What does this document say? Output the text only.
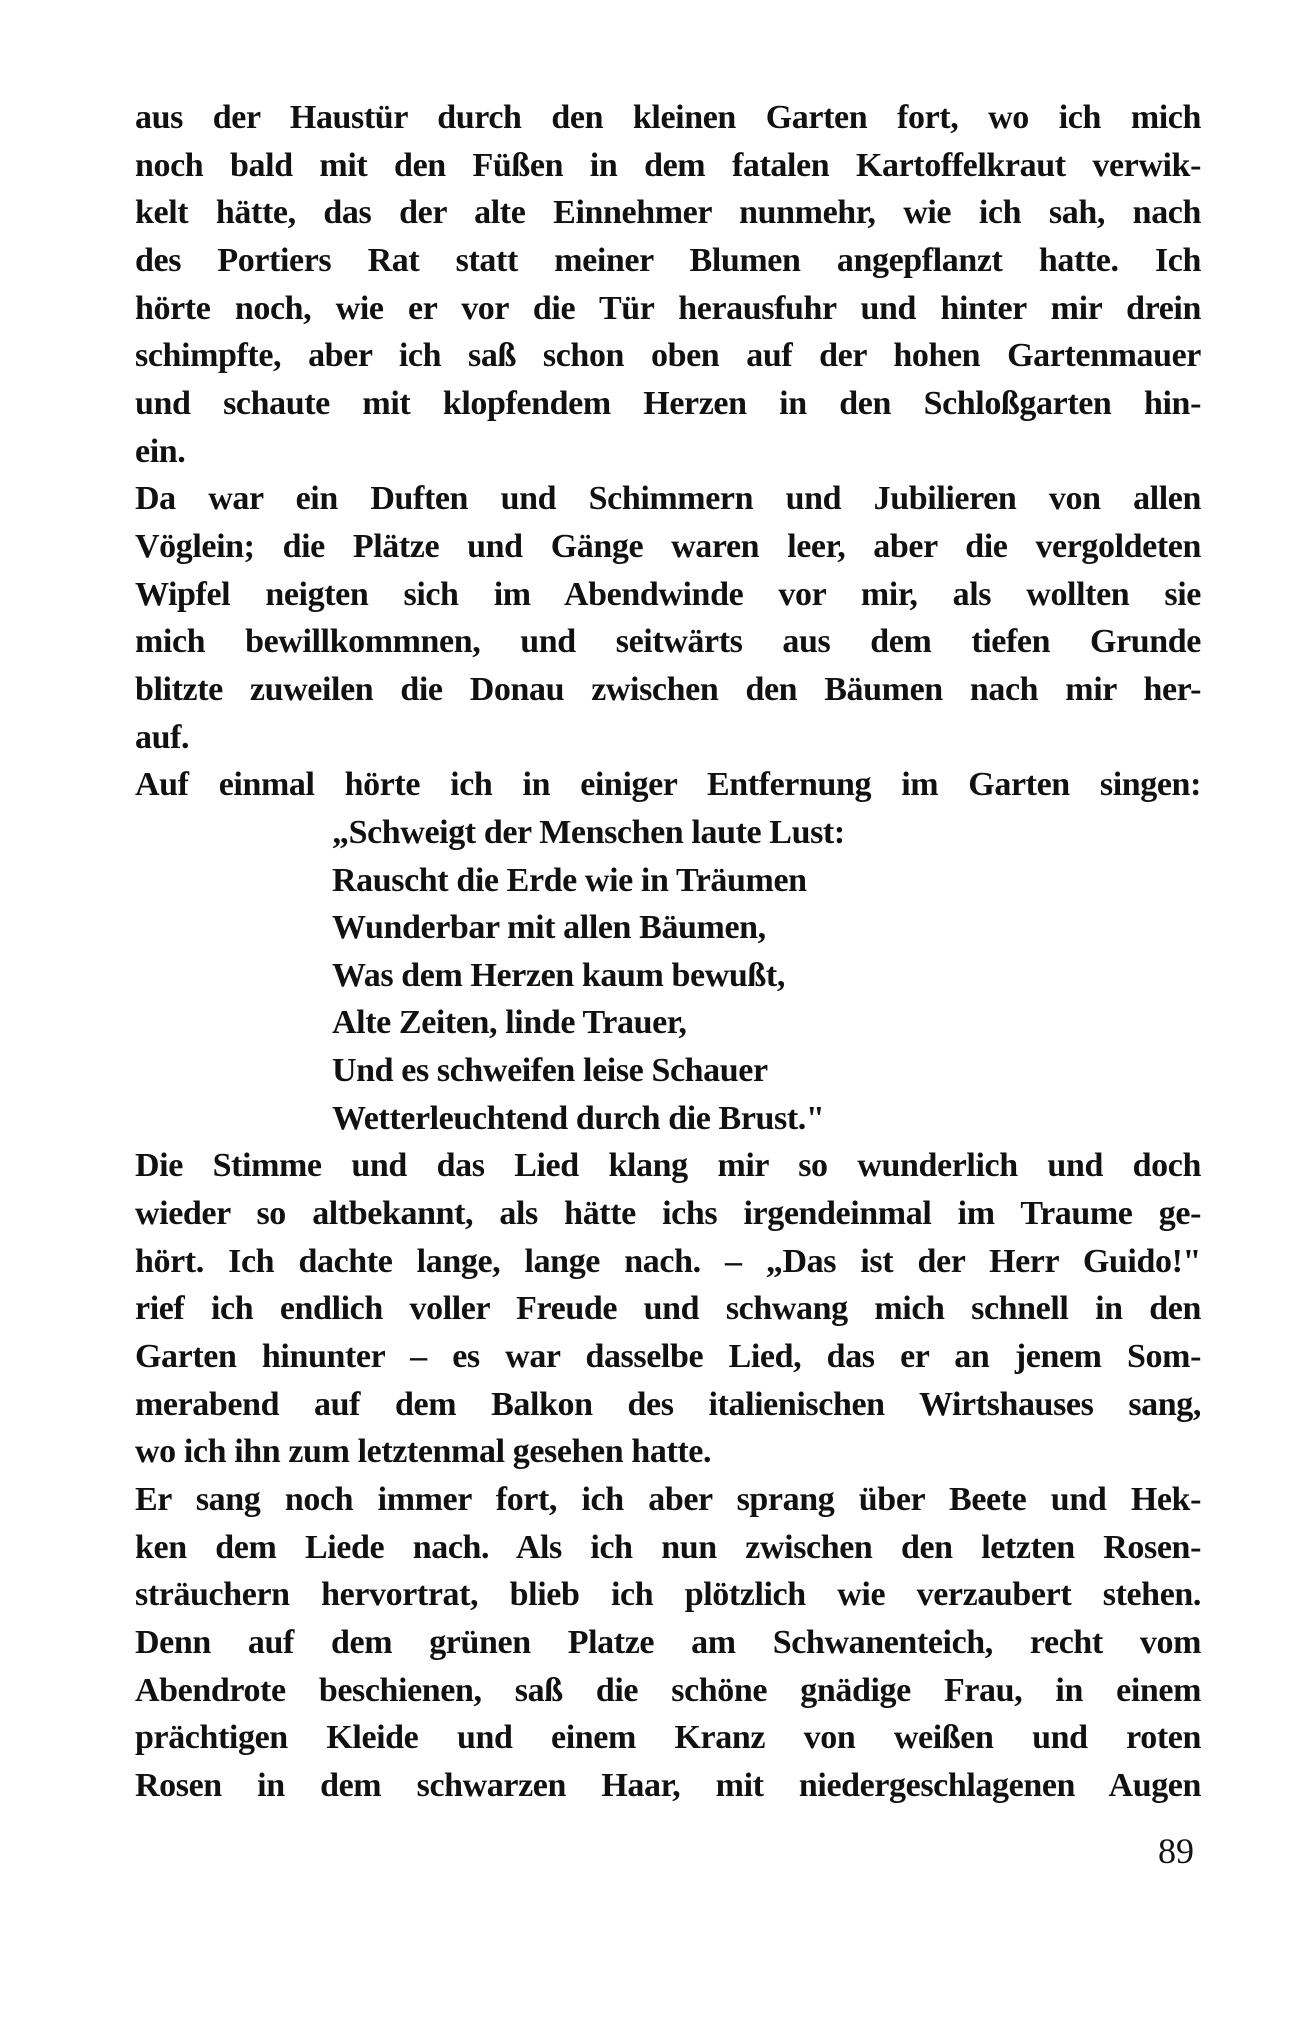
aus der Haustür durch den kleinen Garten fort, wo ich mich
noch bald mit den Füßen in dem fatalen Kartoffelkraut verwik-
kelt hätte, das der alte Einnehmer nunmehr, wie ich sah, nach
des Portiers Rat statt meiner Blumen angepflanzt hatte. Ich
hörte noch, wie er vor die Tür herausfuhr und hinter mir drein
schimpfte, aber ich saß schon oben auf der hohen Gartenmauer
und schaute mit klopfendem Herzen in den Schloßgarten hin-
ein.
Da war ein Duften und Schimmern und Jubilieren von allen
Vöglein; die Plätze und Gänge waren leer, aber die vergoldeten
Wipfel neigten sich im Abendwinde vor mir, als wollten sie
mich bewillkommnen, und seitwärts aus dem tiefen Grunde
blitzte zuweilen die Donau zwischen den Bäumen nach mir her-
auf.
Auf einmal hörte ich in einiger Entfernung im Garten singen:
„Schweigt der Menschen laute Lust:
Rauscht die Erde wie in Träumen
Wunderbar mit allen Bäumen,
Was dem Herzen kaum bewußt,
Alte Zeiten, linde Trauer,
Und es schweifen leise Schauer
Wetterleuchtend durch die Brust."
Die Stimme und das Lied klang mir so wunderlich und doch
wieder so altbekannt, als hätte ichs irgendeinmal im Traume ge-
hört. Ich dachte lange, lange nach. – „Das ist der Herr Guido!"
rief ich endlich voller Freude und schwang mich schnell in den
Garten hinunter – es war dasselbe Lied, das er an jenem Som-
merabend auf dem Balkon des italienischen Wirtshauses sang,
wo ich ihn zum letztenmal gesehen hatte.
Er sang noch immer fort, ich aber sprang über Beete und Hek-
ken dem Liede nach. Als ich nun zwischen den letzten Rosen-
sträuchern hervortrat, blieb ich plötzlich wie verzaubert stehen.
Denn auf dem grünen Platze am Schwanenteich, recht vom
Abendrote beschienen, saß die schöne gnädige Frau, in einem
prächtigen Kleide und einem Kranz von weißen und roten
Rosen in dem schwarzen Haar, mit niedergeschlagenen Augen
89
